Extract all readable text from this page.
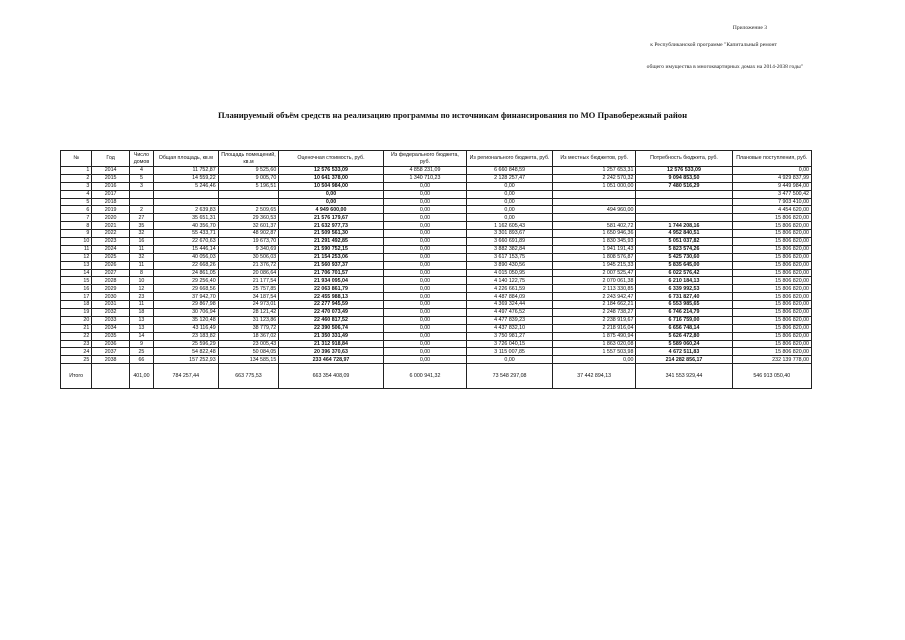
Приложение 3
к Республиканской программе "Капитальный ремонт
общего имущества в многоквартирных домах на 2014-2038 годы"
Планируемый объём средств на реализацию программы по источникам финансирования по МО Правобережный район
№	Год	Число домов	Общая площадь, кв.м	Площадь помещений, кв.м	Оценочная стоимость, руб.	Из федерального бюджета, руб.	Из регионального бюджета, руб.	Из местных бюджетов, руб.	Потребность бюджета, руб.	Плановые поступления, руб.
1	2014	4	11 752,87	9 525,60	12 576 533,09	4 858 231,09	6 660 848,59	1 257 653,31	12 576 533,09	0,00
2	2015	5	14 559,22	9 005,70	10 641 378,00	1 340 710,23	2 128 257,47	2 242 570,32	9 094 853,50	4 929 837,99
3	2016	3	5 246,46	5 196,51	10 504 984,00	0,00	0,00	1 051 000,00	7 480 516,29	9 449 984,00
4	2017				0,00	0,00	0,00			3 477 500,42
5	2018				0,00	0,00	0,00			7 903 410,00
6	2019	2	2 639,83	2 509,65	4 949 600,00	0,00	0,00	494 960,00		4 454 620,00
7	2020	27	35 651,31	29 360,53	21 576 179,67	0,00	0,00			15 806 820,00
8	2021	35	40 356,70	32 601,37	21 632 977,73	0,00	1 162 605,43	581 402,72	1 744 208,16	15 806 820,00
9	2022	32	55 433,71	48 902,87	21 509 561,30	0,00	3 301 893,67	1 650 946,36	4 952 840,51	15 806 820,00
10	2023	16	22 670,63	19 673,70	21 291 492,85	0,00	3 660 691,89	1 830 345,93	5 051 037,82	15 806 820,00
11	2024	11	15 446,14	9 340,69	21 590 752,15	0,00	3 882 382,84	1 941 191,43	5 823 574,26	15 806 820,00
12	2025	32	40 056,03	30 506,03	21 154 253,06	0,00	3 617 153,75	1 808 576,87	5 425 730,60	15 806 820,00
13	2026	11	22 668,26	21 376,72	21 560 937,37	0,00	3 890 430,56	1 945 215,33	5 835 645,00	15 806 820,00
14	2027	8	24 861,05	20 086,64	21 706 701,57	0,00	4 015 050,95	2 007 525,47	6 022 576,42	15 806 820,00
15	2028	10	29 256,40	21 177,54	21 934 095,04	0,00	4 140 122,75	2 070 061,38	6 210 184,13	15 806 820,00
16	2029	12	29 668,56	25 757,85	22 063 861,79	0,00	4 226 661,59	2 113 330,85	6 339 992,53	15 806 820,00
17	2030	23	37 942,70	34 187,54	22 455 988,13	0,00	4 487 884,09	2 243 942,47	6 731 827,40	15 806 820,00
18	2031	11	29 867,98	24 973,01	22 277 945,59	0,00	4 369 324,44	2 184 662,21	6 553 985,65	15 806 820,00
19	2032	18	30 706,94	28 121,42	22 470 073,49	0,00	4 497 476,52	2 248 738,27	6 746 214,79	15 806 820,00
20	2033	13	35 120,48	31 123,86	22 460 817,52	0,00	4 477 839,23	2 238 919,67	6 716 759,00	15 806 820,00
21	2034	13	43 116,49	38 779,72	22 390 506,74	0,00	4 437 832,10	2 218 916,04	6 656 748,14	15 806 820,00
22	2035	14	23 183,82	18 367,02	21 350 331,49	0,00	3 750 981,27	1 875 490,94	5 626 472,80	15 806 820,00
23	2036	9	25 596,29	23 005,43	21 312 918,84	0,00	3 726 040,15	1 863 020,08	5 589 060,24	15 806 820,00
24	2037	25	54 822,48	50 084,05	20 396 370,63	0,00	3 115 007,85	1 557 503,98	4 672 511,83	15 806 820,00
25	2038	66	157 252,93	134 585,15	233 464 728,97	0,00	0,00	0,00	214 282 856,17	232 139 778,00
Итого		401,00	784 257,44	663 775,53	663 354 408,09	6 000 941,32	73 548 297,08	37 442 894,13	341 553 929,44	546 913 050,40
